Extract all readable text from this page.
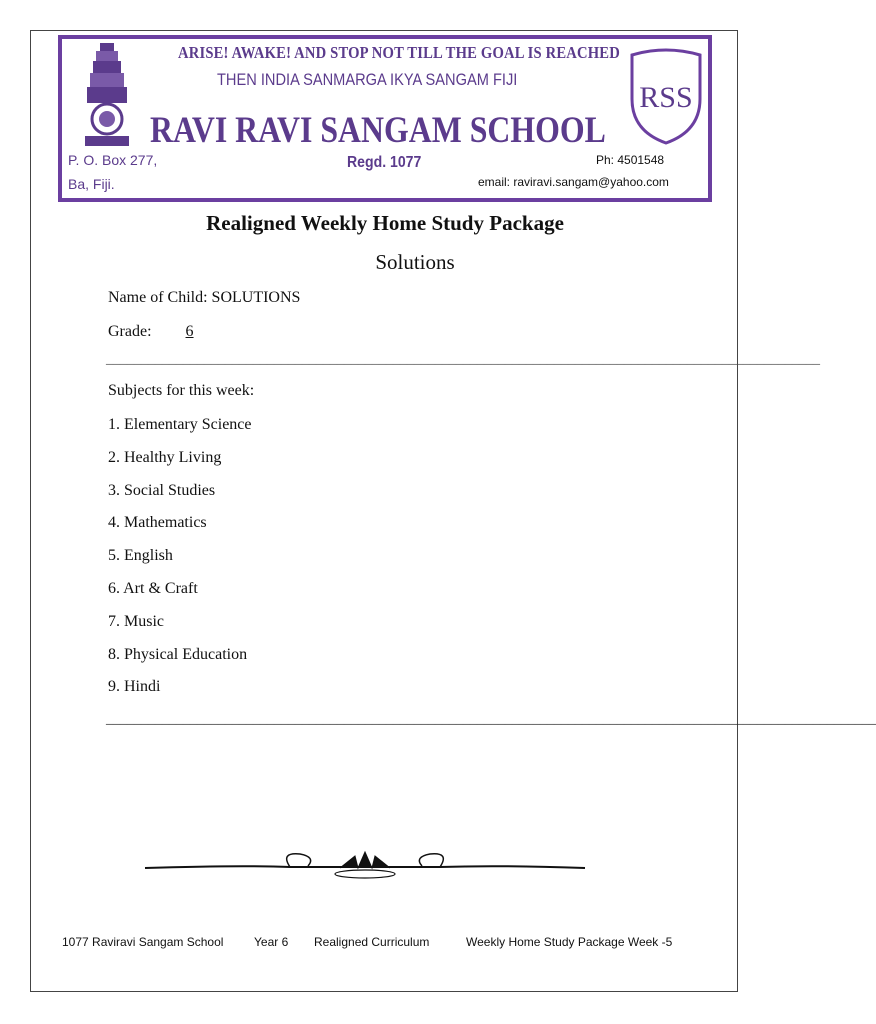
ARISE! AWAKE! AND STOP NOT TILL THE GOAL IS REACHED
THEN INDIA SANMARGA IKYA SANGAM FIJI
RAVI RAVI SANGAM SCHOOL
P. O. Box 277,
Ba, Fiji.
Regd. 1077	Ph: 4501548
email: raviravi.sangam@yahoo.com
RSS
Realigned Weekly Home Study Package
Solutions
Name of Child: SOLUTIONS
Grade: 6
______________________________________________________________________________________________________
Subjects for this week:
1. Elementary Science
2. Healthy Living
3. Social Studies
4. Mathematics
5. English
6. Art & Craft
7. Music
8. Physical Education
9. Hindi
______________________________________________________________________________________________________________
1077 Raviravi Sangam School	Year 6 Realigned Curriculum	Weekly Home Study Package Week -5
